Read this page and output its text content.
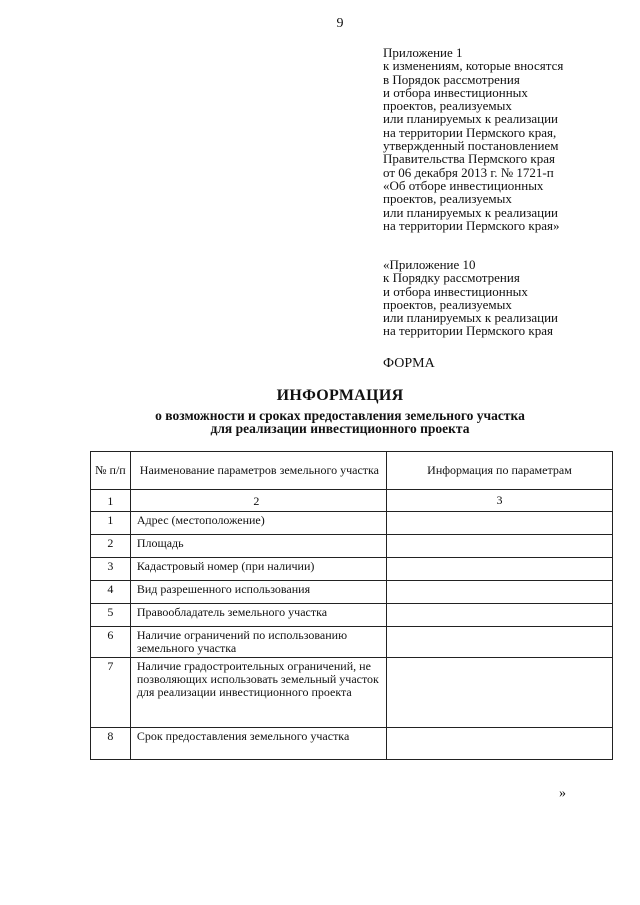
9
Приложение 1
к изменениям, которые вносятся
в Порядок рассмотрения
и отбора инвестиционных
проектов, реализуемых
или планируемых к реализации
на территории Пермского края,
утвержденный постановлением
Правительства Пермского края
от 06 декабря 2013 г. № 1721-п
«Об отборе инвестиционных
проектов, реализуемых
или планируемых к реализации
на территории Пермского края»
«Приложение 10
к Порядку рассмотрения
и отбора инвестиционных
проектов, реализуемых
или планируемых к реализации
на территории Пермского края
ФОРМА
ИНФОРМАЦИЯ
о возможности и сроках предоставления земельного участка
для реализации инвестиционного проекта
№ п/п	Наименование параметров земельного участка	Информация по параметрам
1	2	3
1	Адрес (местоположение)	
2	Площадь	
3	Кадастровый номер (при наличии)	
4	Вид разрешенного использования	
5	Правообладатель земельного участка	
6	Наличие ограничений по использованию земельного участка	
7	Наличие градостроительных ограничений, не позволяющих использовать земельный участок для реализации инвестиционного проекта	
8	Срок предоставления земельного участка	
»
